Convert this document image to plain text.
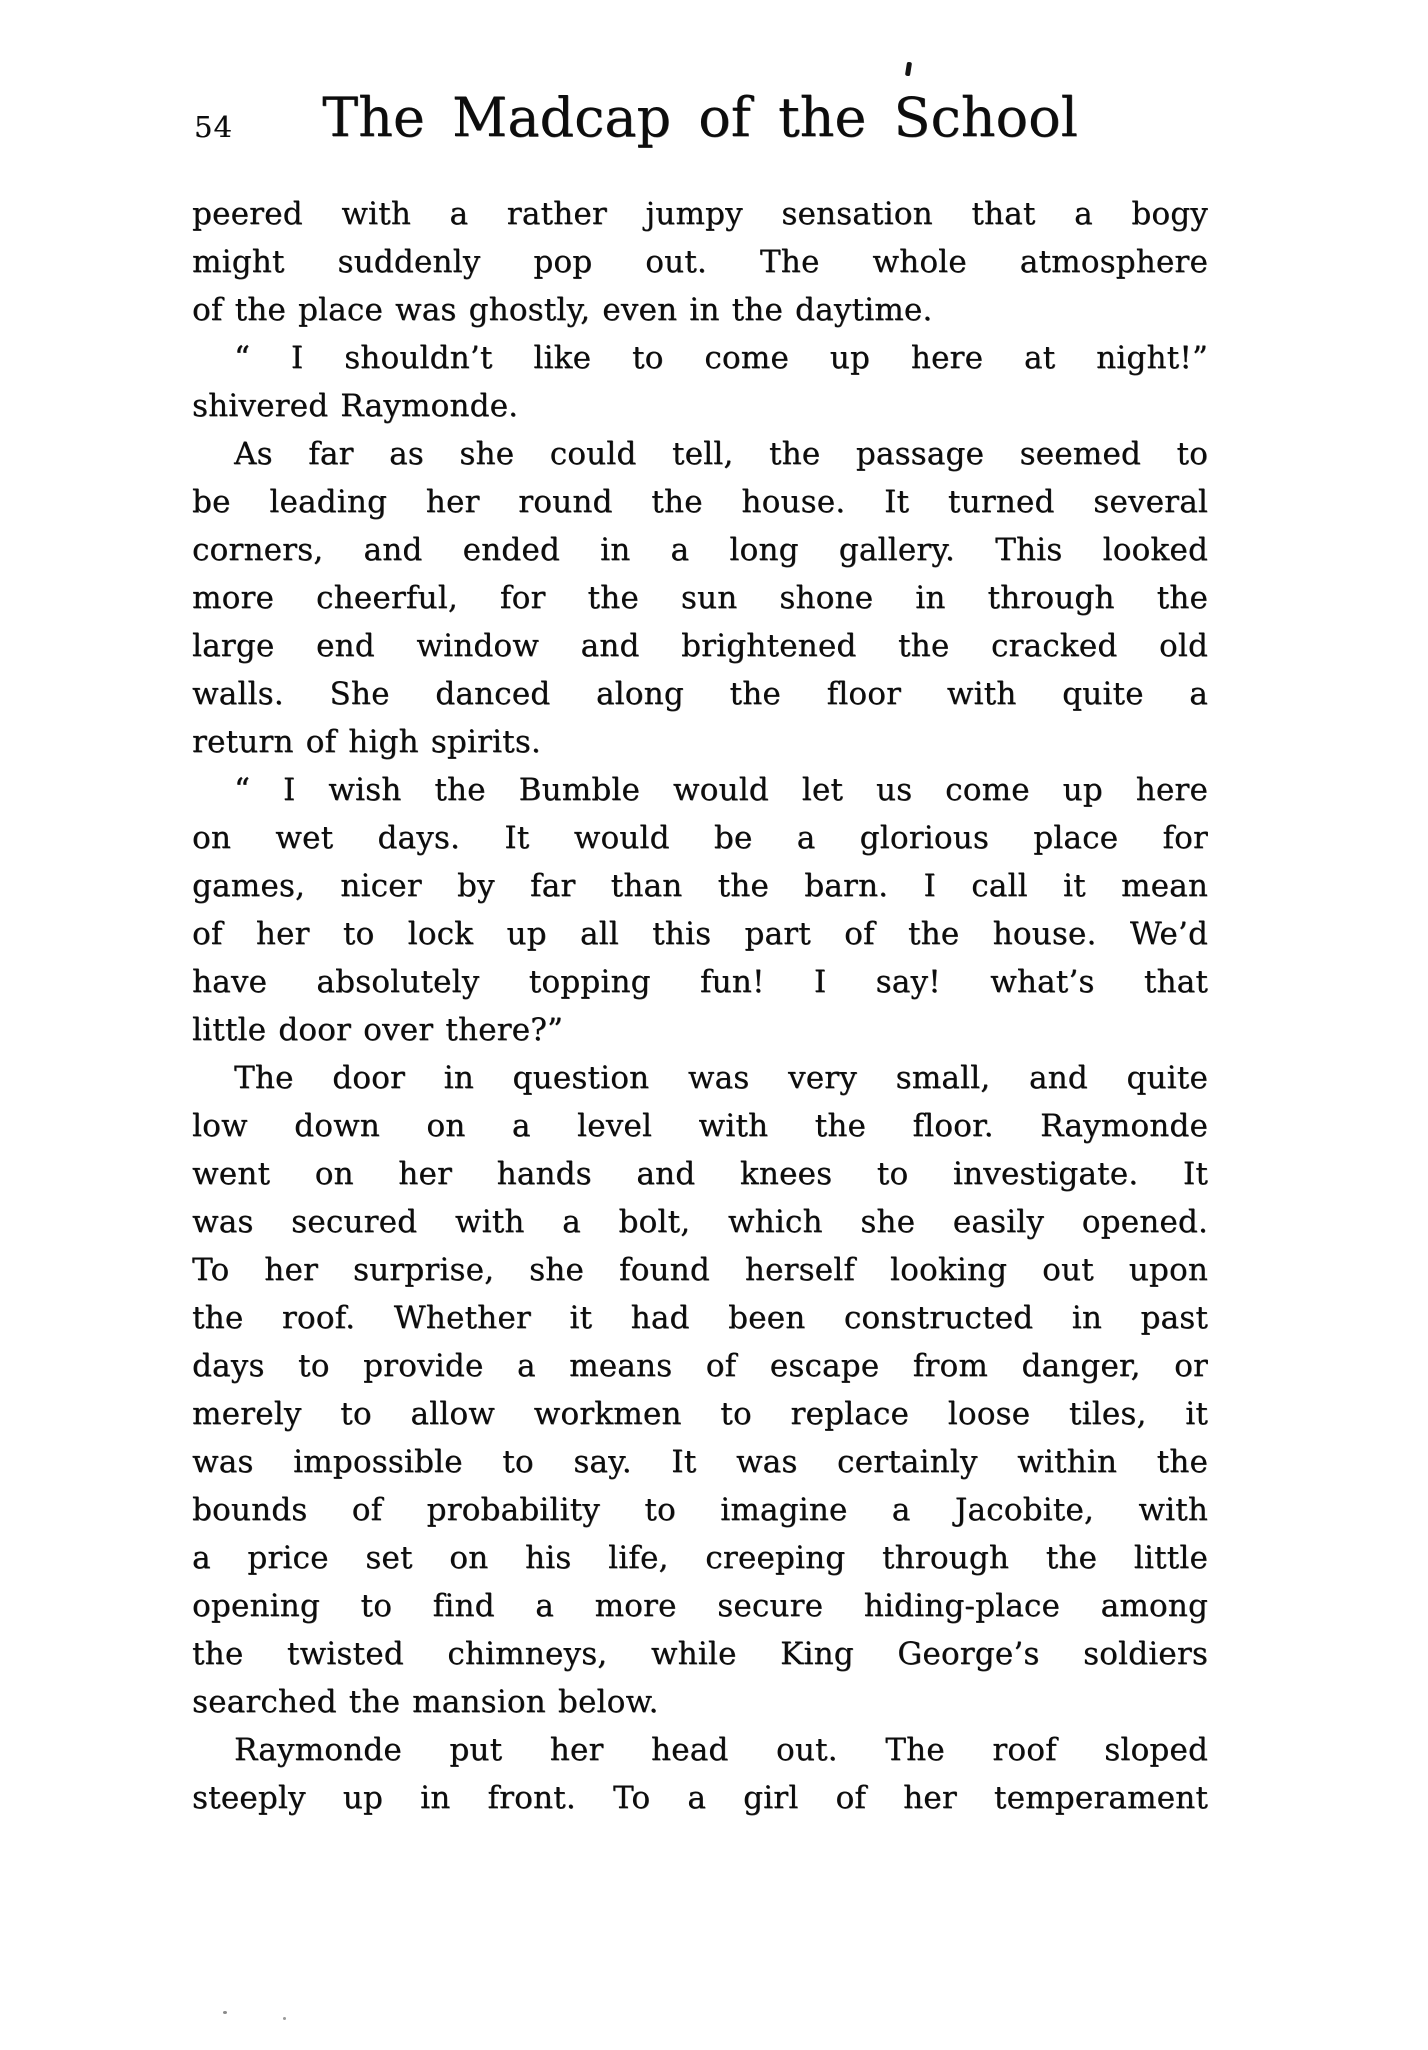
54	The Madcap of the School
peered with a rather jumpy sensation that a bogy
might suddenly pop out. The whole atmosphere
of the place was ghostly, even in the daytime.
“ I shouldn’t like to come up here at night!”
shivered Raymonde.
As far as she could tell, the passage seemed to
be leading her round the house. It turned several
corners, and ended in a long gallery. This looked
more cheerful, for the sun shone in through the
large end window and brightened the cracked old
walls. She danced along the floor with quite a
return of high spirits.
“ I wish the Bumble would let us come up here
on wet days. It would be a glorious place for
games, nicer by far than the barn. I call it mean
of her to lock up all this part of the house. We’d
have absolutely topping fun! I say! what’s that
little door over there?”
The door in question was very small, and quite
low down on a level with the floor. Raymonde
went on her hands and knees to investigate. It
was secured with a bolt, which she easily opened.
To her surprise, she found herself looking out upon
the roof. Whether it had been constructed in past
days to provide a means of escape from danger, or
merely to allow workmen to replace loose tiles, it
was impossible to say. It was certainly within the
bounds of probability to imagine a Jacobite, with
a price set on his life, creeping through the little
opening to find a more secure hiding-place among
the twisted chimneys, while King George’s soldiers
searched the mansion below.
Raymonde put her head out. The roof sloped
steeply up in front. To a girl of her temperament
